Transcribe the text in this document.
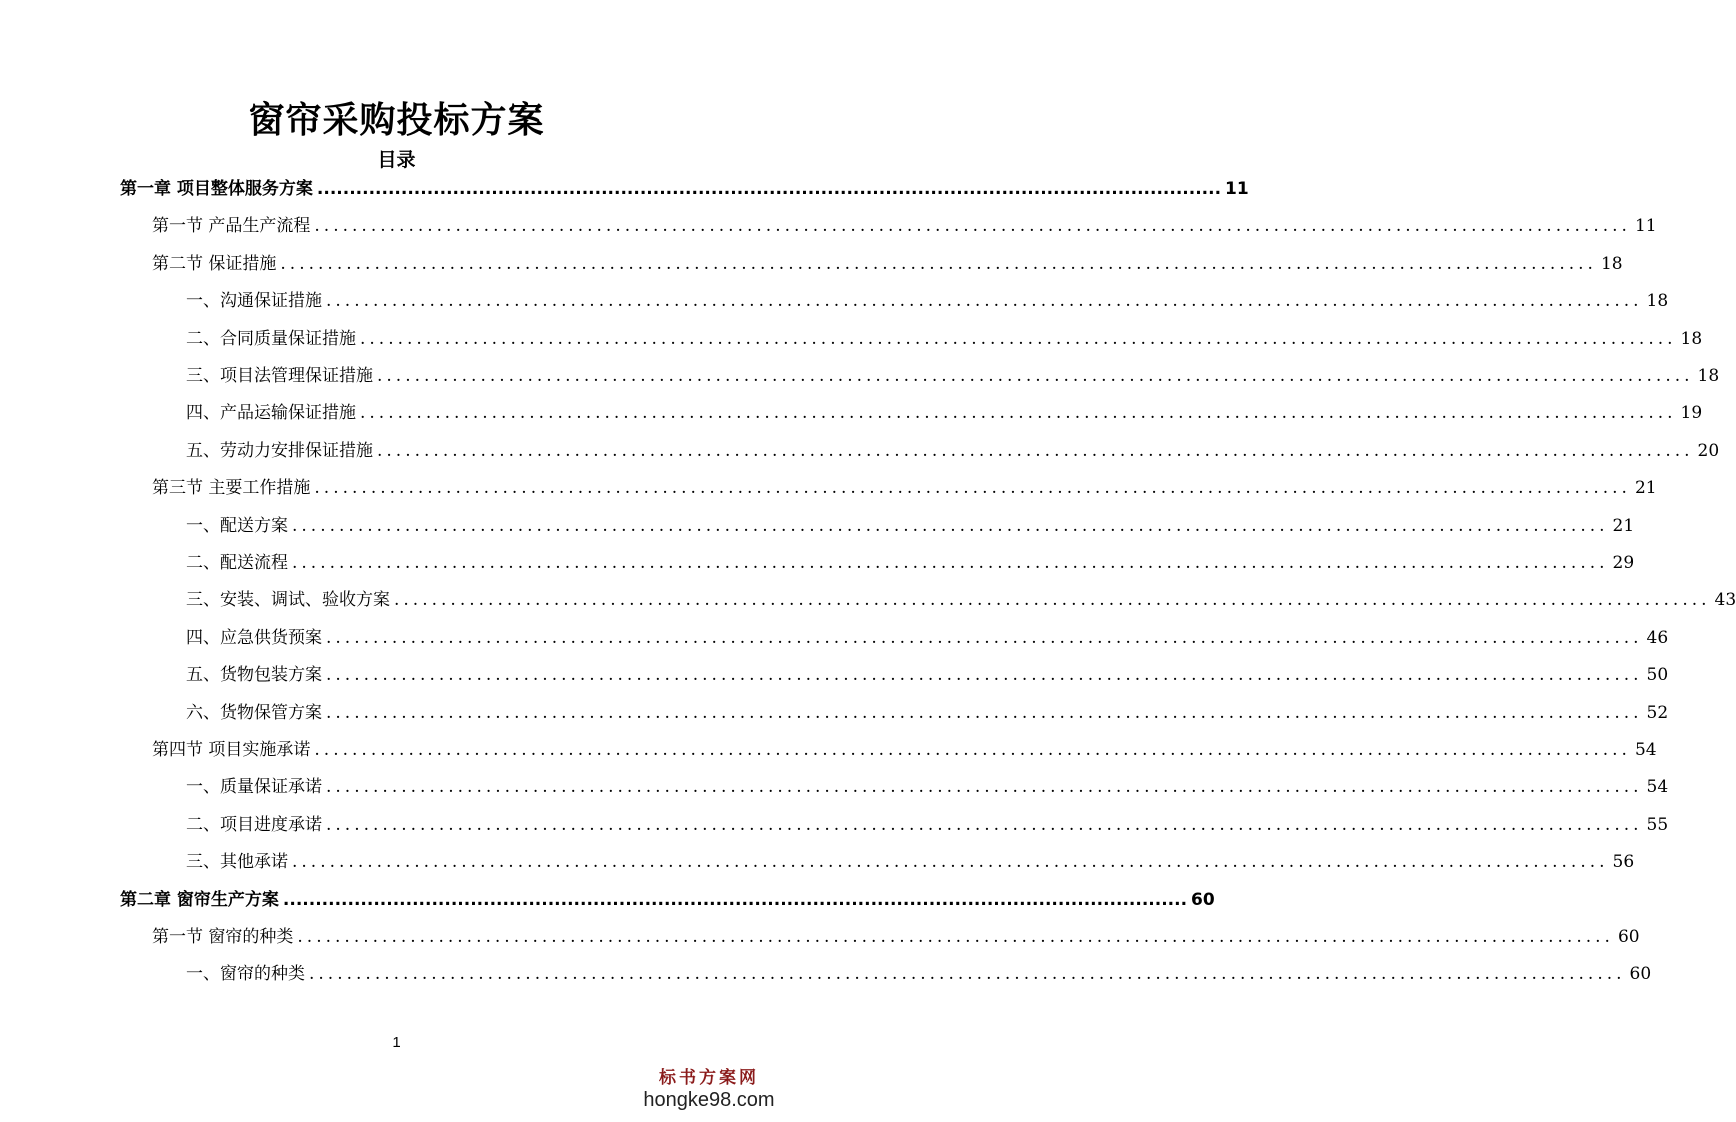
窗帘采购投标方案
目录
第一章 项目整体服务方案 ............................................................................................................................................ 11
第一节 产品生产流程 ............................................................................................................................................ 11
第二节 保证措施 ............................................................................................................................................ 18
一、沟通保证措施 ............................................................................................................................................ 18
二、合同质量保证措施 ............................................................................................................................................ 18
三、项目法管理保证措施 ............................................................................................................................................ 18
四、产品运输保证措施 ............................................................................................................................................ 19
五、劳动力安排保证措施 ............................................................................................................................................ 20
第三节 主要工作措施 ............................................................................................................................................ 21
一、配送方案 ............................................................................................................................................ 21
二、配送流程 ............................................................................................................................................ 29
三、安装、调试、验收方案 ............................................................................................................................................ 43
四、应急供货预案 ............................................................................................................................................ 46
五、货物包装方案 ............................................................................................................................................ 50
六、货物保管方案 ............................................................................................................................................ 52
第四节 项目实施承诺 ............................................................................................................................................ 54
一、质量保证承诺 ............................................................................................................................................ 54
二、项目进度承诺 ............................................................................................................................................ 55
三、其他承诺 ............................................................................................................................................ 56
第二章 窗帘生产方案 ............................................................................................................................................ 60
第一节 窗帘的种类 ............................................................................................................................................ 60
一、窗帘的种类 ............................................................................................................................................ 60
1
标书方案网
hongke98.com
